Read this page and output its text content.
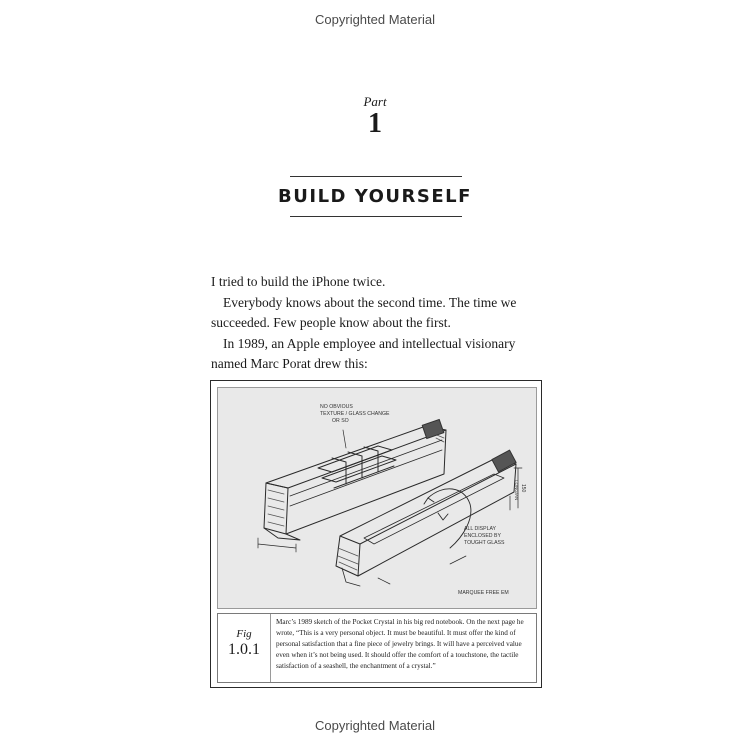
Copyrighted Material
Part
1
BUILD YOURSELF

I tried to build the iPhone twice.

Everybody knows about the second time. The time we succeeded. Few people know about the first.

In 1989, an Apple employee and intellectual visionary named Marc Porat drew this:

NO OBVIOUS
TEXTURE / GLASS CHANGE
OR SO
ALL DISPLAY
ENCLOSED BY
TOUGHT GLASS
MARQUEE FREE EM
150
LONG/AN
Fig
1.0.1
Marc’s 1989 sketch of the Pocket Crystal in his big red notebook. On the next page he wrote, “This is a very personal object. It must be beautiful. It must offer the kind of personal satisfaction that a fine piece of jewelry brings. It will have a perceived value even when it’s not being used. It should offer the comfort of a touchstone, the tactile satisfaction of a seashell, the enchantment of a crystal.”
Copyrighted Material
